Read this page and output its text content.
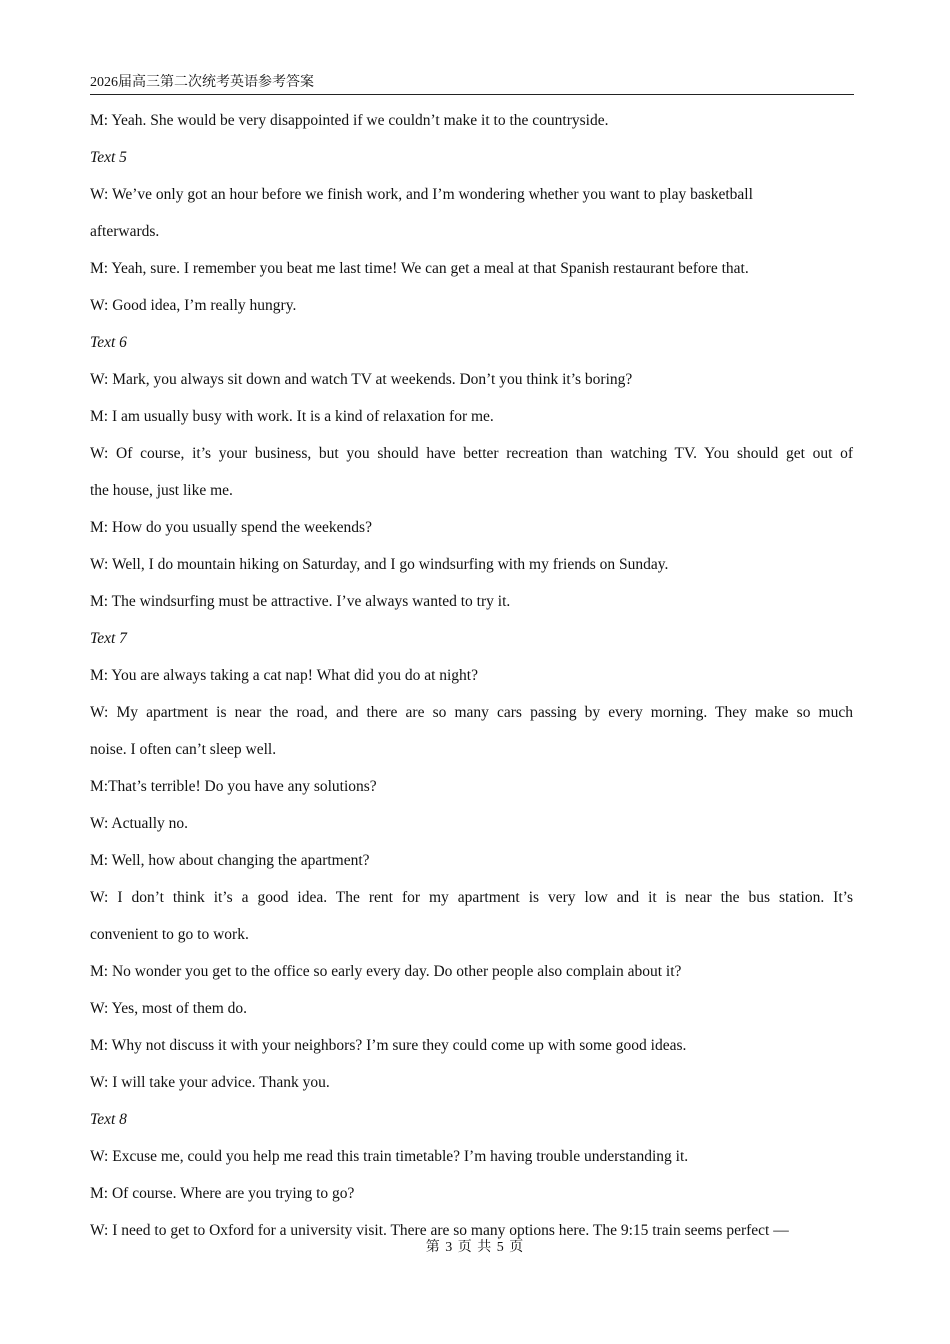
2026届高三第二次统考英语参考答案
M: Yeah. She would be very disappointed if we couldn’t make it to the countryside.
Text 5
W: We’ve only got an hour before we finish work, and I’m wondering whether you want to play basketball
afterwards.
M: Yeah, sure. I remember you beat me last time! We can get a meal at that Spanish restaurant before that.
W: Good idea, I’m really hungry.
Text 6
W: Mark, you always sit down and watch TV at weekends. Don’t you think it’s boring?
M: I am usually busy with work. It is a kind of relaxation for me.
W: Of course, it’s your business, but you should have better recreation than watching TV. You should get out of
the house, just like me.
M: How do you usually spend the weekends?
W: Well, I do mountain hiking on Saturday, and I go windsurfing with my friends on Sunday.
M: The windsurfing must be attractive. I’ve always wanted to try it.
Text 7
M: You are always taking a cat nap! What did you do at night?
W: My apartment is near the road, and there are so many cars passing by every morning. They make so much
noise. I often can’t sleep well.
M:That’s terrible! Do you have any solutions?
W: Actually no.
M: Well, how about changing the apartment?
W: I don’t think it’s a good idea. The rent for my apartment is very low and it is near the bus station. It’s
convenient to go to work.
M: No wonder you get to the office so early every day. Do other people also complain about it?
W: Yes, most of them do.
M: Why not discuss it with your neighbors? I’m sure they could come up with some good ideas.
W: I will take your advice. Thank you.
Text 8
W: Excuse me, could you help me read this train timetable? I’m having trouble understanding it.
M: Of course. Where are you trying to go?
W: I need to get to Oxford for a university visit. There are so many options here. The 9:15 train seems perfect —
第 3 页 共 5 页
